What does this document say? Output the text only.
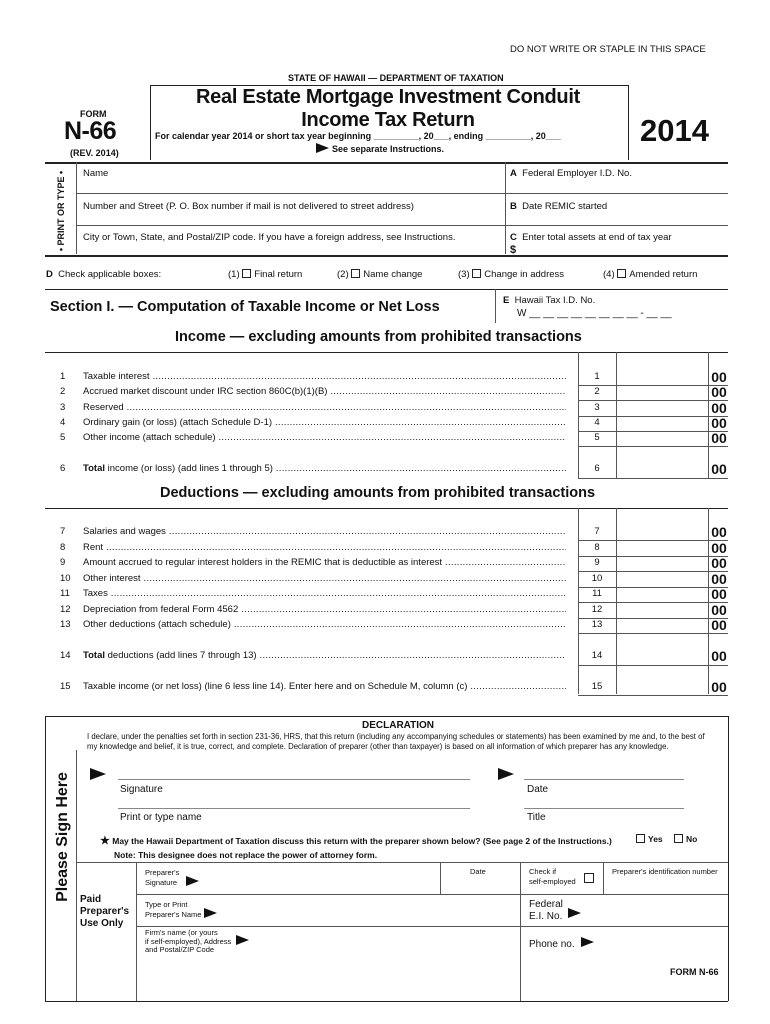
DO NOT WRITE OR STAPLE IN THIS SPACE
STATE OF HAWAII — DEPARTMENT OF TAXATION
FORM
N-66
(REV. 2014)
Real Estate Mortgage Investment Conduit
Income Tax Return
For calendar year 2014 or short tax year beginning _________, 20___, ending _________, 20___
See separate Instructions.
2014
• PRINT OR TYPE • Name
Number and Street (P. O. Box number if mail is not delivered to street address)
City or Town, State, and Postal/ZIP code. If you have a foreign address, see Instructions.
A Federal Employer I.D. No.
B Date REMIC started
C Enter total assets at end of tax year
$
D Check applicable boxes:	(1) Final return	(2) Name change	(3) Change in address	(4) Amended return
Section I. — Computation of Taxable Income or Net Loss	E Hawaii Tax I.D. No.
W __ __ __ __ __ __ __ __ - __ __
Income — excluding amounts from prohibited transactions
1	Taxable interest .....	1	00
2	Accrued market discount under IRC section 860C(b)(1)(B) .....	2	00
3	Reserved .....	3	00
4	Ordinary gain (or loss) (attach Schedule D-1) .....	4	00
5	Other income (attach schedule) .....	5	00
6	Total income (or loss) (add lines 1 through 5) .....	6	00
Deductions — excluding amounts from prohibited transactions
7	Salaries and wages .....	7	00
8	Rent .....	8	00
9	Amount accrued to regular interest holders in the REMIC that is deductible as interest .....	9	00
10	Other interest .....	10	00
11	Taxes .....	11	00
12	Depreciation from federal Form 4562 .....	12	00
13	Other deductions (attach schedule) .....	13	00
14	Total deductions (add lines 7 through 13) .....	14	00
15	Taxable income (or net loss) (line 6 less line 14). Enter here and on Schedule M, column (c) .....	15	00
DECLARATION
I declare, under the penalties set forth in section 231-36, HRS, that this return (including any accompanying schedules or statements) has been examined by me and, to the best of my knowledge and belief, it is true, correct, and complete. Declaration of preparer (other than taxpayer) is based on all information of which preparer has any knowledge.
Please Sign Here	Signature	Date
Print or type name	Title
★ May the Hawaii Department of Taxation discuss this return with the preparer shown below? (See page 2 of the Instructions.)	Yes	No
Note: This designee does not replace the power of attorney form.
Paid
Preparer's
Use Only
Preparer's
Signature
Date	Check if
self-employed
Preparer's identification number
Type or Print
Preparer's Name
Federal
E.I. No.
Firm's name (or yours
if self-employed), Address
and Postal/ZIP Code	Phone no.
FORM N-66
